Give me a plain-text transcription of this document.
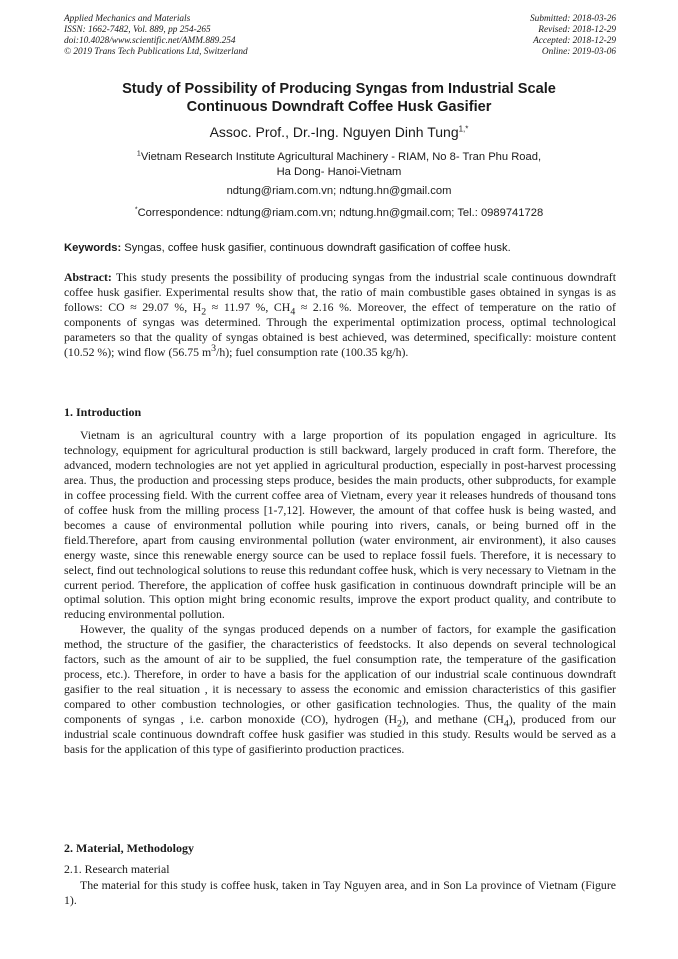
Applied Mechanics and Materials
ISSN: 1662-7482, Vol. 889, pp 254-265
doi:10.4028/www.scientific.net/AMM.889.254
© 2019 Trans Tech Publications Ltd, Switzerland
Submitted: 2018-03-26
Revised: 2018-12-29
Accepted: 2018-12-29
Online: 2019-03-06
Study of Possibility of Producing Syngas from Industrial Scale
Continuous Downdraft Coffee Husk Gasifier
Assoc. Prof., Dr.-Ing. Nguyen Dinh Tung$^{1,*}$
$^1$Vietnam Research Institute Agricultural Machinery - RIAM, No 8- Tran Phu Road,
Ha Dong- Hanoi-Vietnam
ndtung@riam.com.vn; ndtung.hn@gmail.com
*Correspondence: ndtung@riam.com.vn; ndtung.hn@gmail.com; Tel.: 0989741728
Keywords: Syngas, coffee husk gasifier, continuous downdraft gasification of coffee husk.
Abstract: This study presents the possibility of producing syngas from the industrial scale continuous downdraft coffee husk gasifier. Experimental results show that, the ratio of main combustible gases obtained in syngas is as follows: CO ≈ 29.07 %, $H_2 \approx 11.97$ %, $CH_4 \approx 2.16$ %. Moreover, the effect of temperature on the ratio of components of syngas was determined. Through the experimental optimization process, optimal technological parameters so that the quality of syngas obtained is best achieved, was determined, specifically: moisture content (10.52 %); wind flow (56.75 $m^3/h$); fuel consumption rate (100.35 kg/h).
1. Introduction

Vietnam is an agricultural country with a large proportion of its population engaged in agriculture. Its technology, equipment for agricultural production is still backward, largely produced in craft form. Therefore, the advanced, modern technologies are not yet applied in agricultural production, especially in post-harvest processing area. Thus, the production and processing steps produce, besides the main products, other subproducts, for example in coffee processing field. With the current coffee area of Vietnam, every year it releases hundreds of thousand tons of coffee husk from the milling process [1-7,12]. However, the amount of that coffee husk is being wasted, and becomes a cause of environmental pollution while pouring into rivers, canals, or being burned off in the field.Therefore, apart from causing environmental pollution (water environment, air environment), it also causes energy waste, since this renewable energy source can be used to replace fossil fuels. Therefore, it is necessary to select, find out technological solutions to reuse this redundant coffee husk, which is very necessary to Vietnam in the current period. Therefore, the application of coffee husk gasification in continuous downdraft principle will be an optimal solution. This option might bring economic results, improve the export product quality, and contribute to reducing environmental pollution.

However, the quality of the syngas produced depends on a number of factors, for example the gasification method, the structure of the gasifier, the characteristics of feedstocks. It also depends on several technological factors, such as the amount of air to be supplied, the fuel consumption rate, the temperature of the gasification process, etc.). Therefore, in order to have a basis for the application of our industrial scale continuous downdraft gasifier to the real situation , it is necessary to assess the economic and emission characteristics of this gasifier compared to other combustion technologies, or other gasification technologies. Thus, the quality of the main components of syngas , i.e. carbon monoxide (CO), hydrogen $(H_2)$, and methane $(CH_4)$, produced from our industrial scale continuous downdraft coffee husk gasifier was studied in this study. Results would be served as a basis for the application of this type of gasifierinto production practices.

2. Material, Methodology
2.1. Research material

The material for this study is coffee husk, taken in Tay Nguyen area, and in Son La province of Vietnam (Figure 1).
